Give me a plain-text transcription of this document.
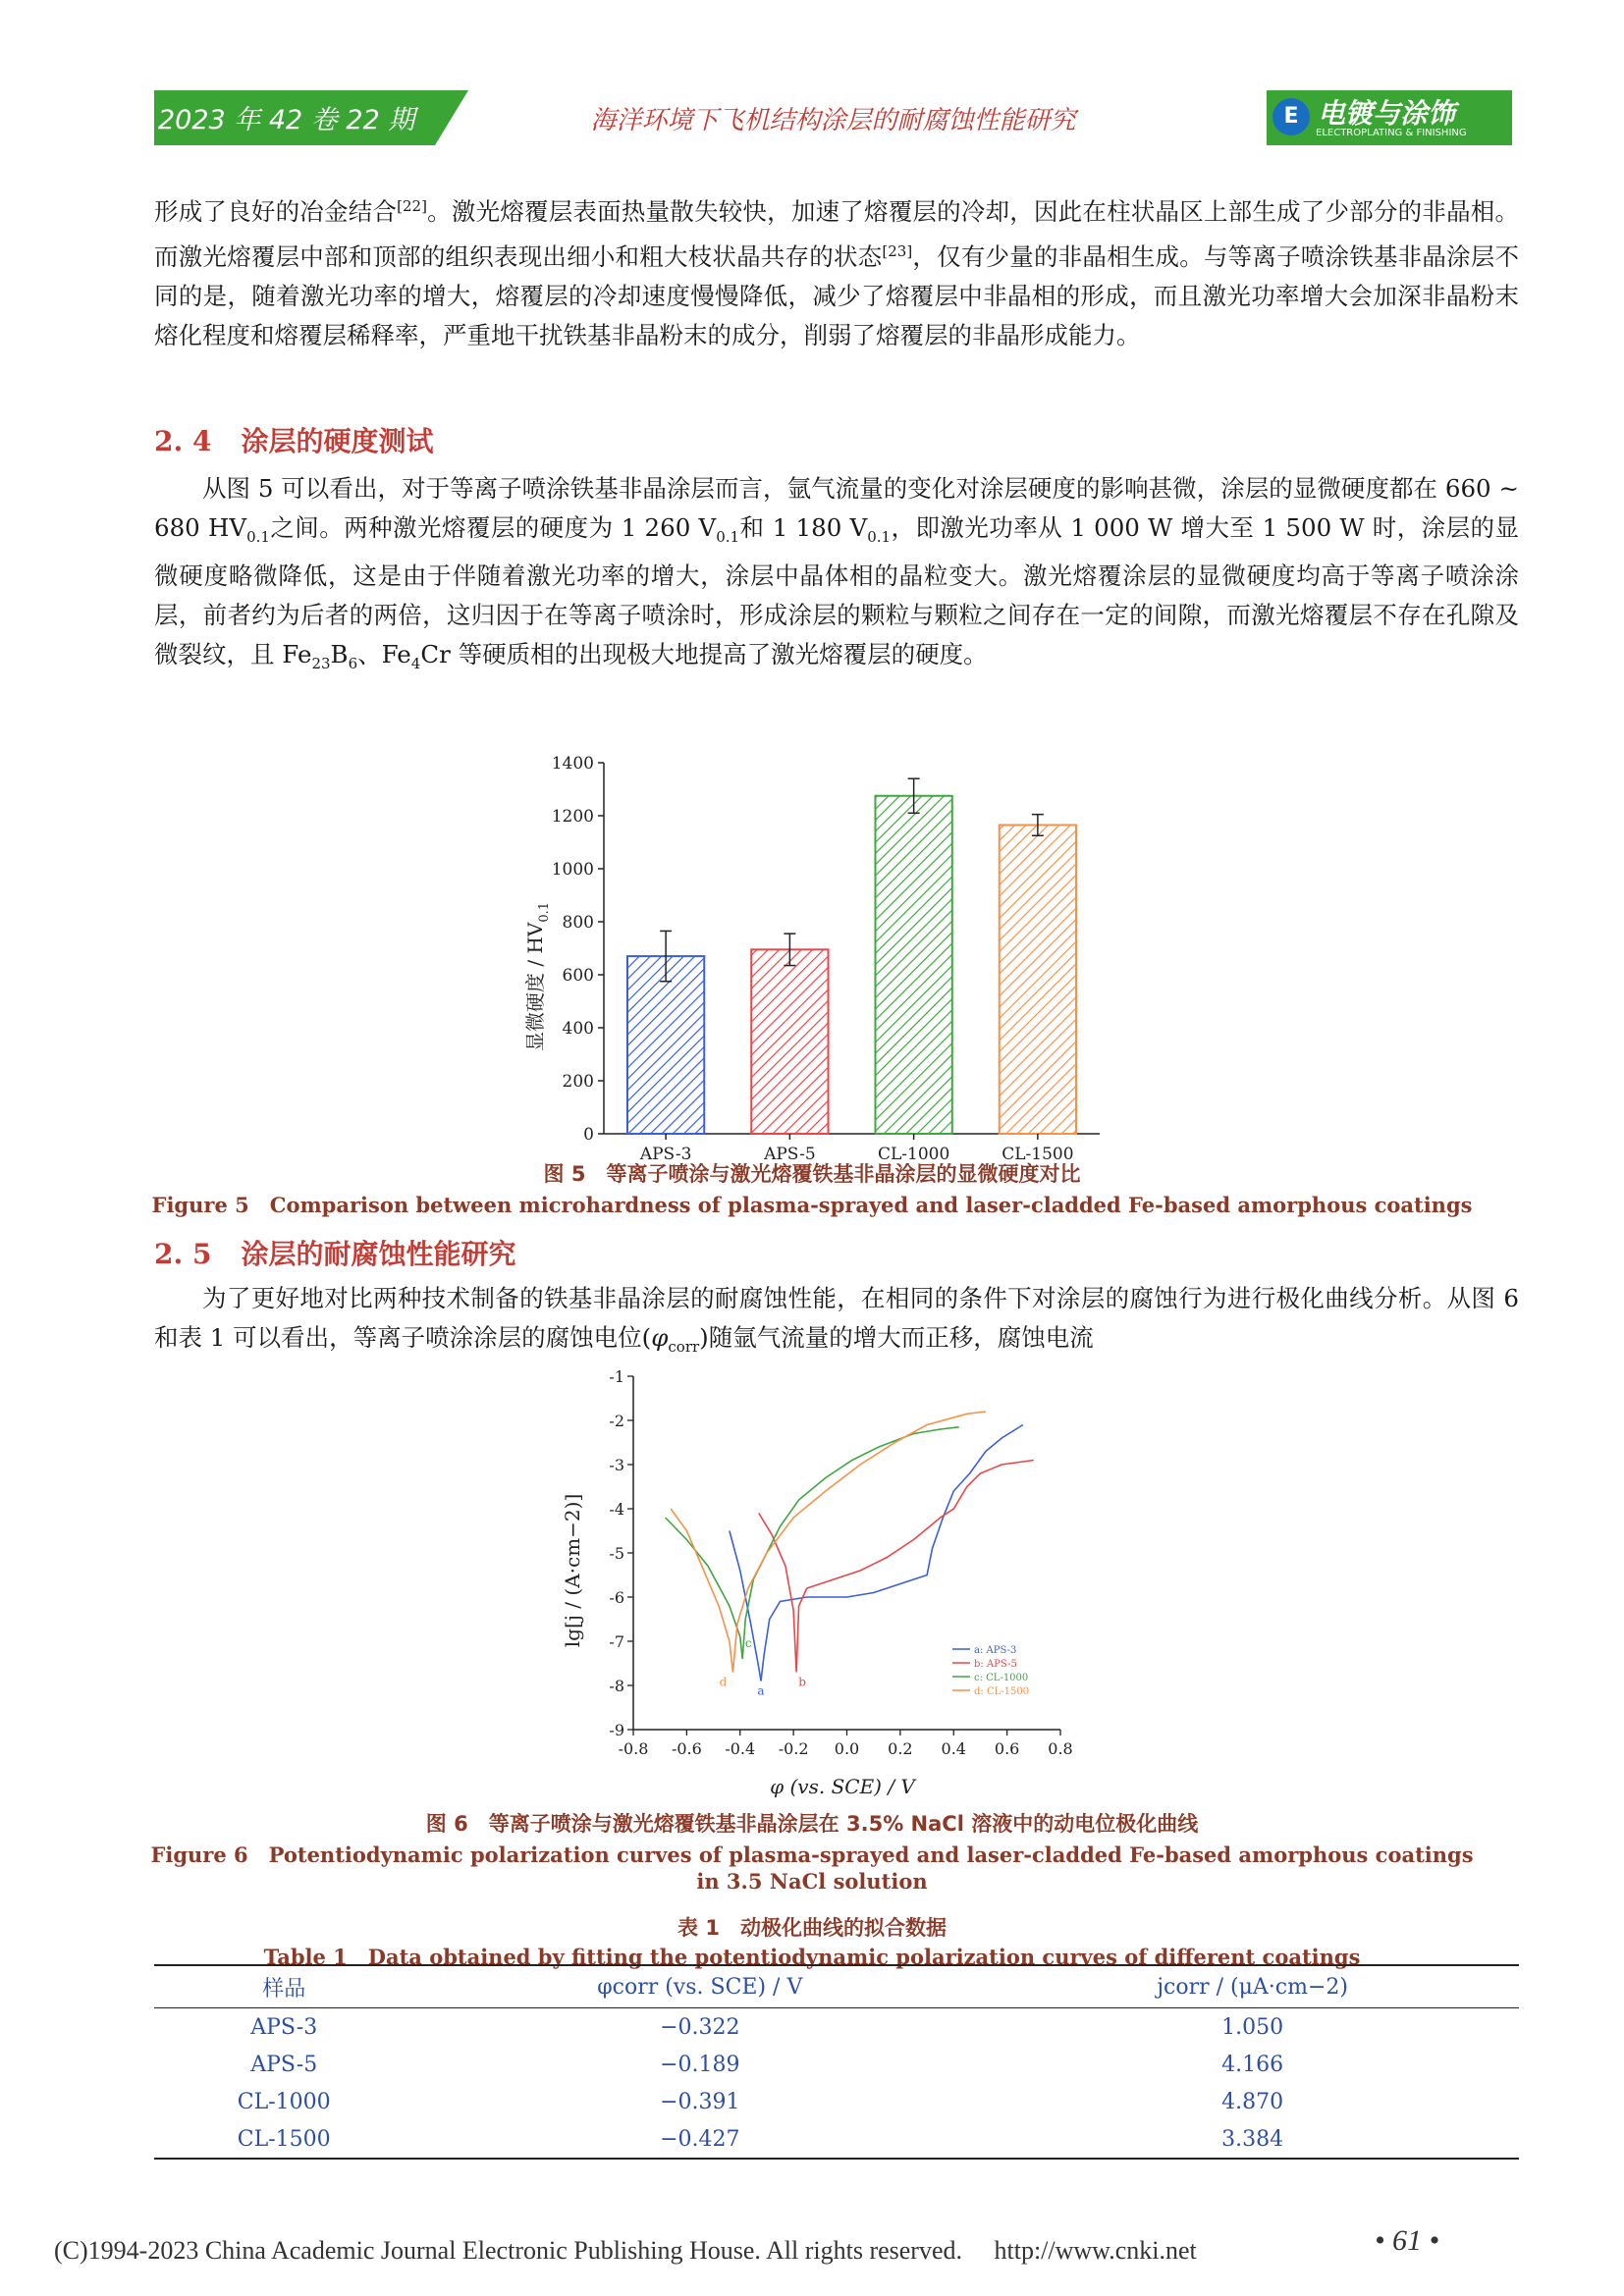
2023 年 42 卷 22 期	海洋环境下飞机结构涂层的耐腐蚀性能研究	E 电镀与涂饰
ELECTROPLATING & FINISHING

形成了良好的冶金结合[22]。激光熔覆层表面热量散失较快，加速了熔覆层的冷却，因此在柱状晶区上部生成了少部分的非晶相。而激光熔覆层中部和顶部的组织表现出细小和粗大枝状晶共存的状态[23]，仅有少量的非晶相生成。与等离子喷涂铁基非晶涂层不同的是，随着激光功率的增大，熔覆层的冷却速度慢慢降低，减少了熔覆层中非晶相的形成，而且激光功率增大会加深非晶粉末熔化程度和熔覆层稀释率，严重地干扰铁基非晶粉末的成分，削弱了熔覆层的非晶形成能力。

2. 4 涂层的硬度测试

从图 5 可以看出，对于等离子喷涂铁基非晶涂层而言，氩气流量的变化对涂层硬度的影响甚微，涂层的显微硬度都在 660 ~ 680 $HV_{0.1}$之间。两种激光熔覆层的硬度为 1 260 $V_{0.1}$和 1 180 $V_{0.1}$，即激光功率从 1 000 W 增大至 1 500 W 时，涂层的显微硬度略微降低，这是由于伴随着激光功率的增大，涂层中晶体相的晶粒变大。激光熔覆涂层的显微硬度均高于等离子喷涂涂层，前者约为后者的两倍，这归因于在等离子喷涂时，形成涂层的颗粒与颗粒之间存在一定的间隙，而激光熔覆层不存在孔隙及微裂纹，且 $Fe_{23}B_6$、$Fe_4Cr$ 等硬质相的出现极大地提高了激光熔覆层的硬度。

0
200
400
600
800
1000
1200
1400
APS-3	APS-5	CL-1000	CL-1500
显微硬度 / $HV_{0.1}$
图 5　等离子喷涂与激光熔覆铁基非晶涂层的显微硬度对比
Figure 5　Comparison between microhardness of plasma-sprayed and laser-cladded Fe-based amorphous coatings
2. 5 涂层的耐腐蚀性能研究

为了更好地对比两种技术制备的铁基非晶涂层的耐腐蚀性能，在相同的条件下对涂层的腐蚀行为进行极化曲线分析。从图 6 和表 1 可以看出，等离子喷涂涂层的腐蚀电位$(\varphi_{corr})$随氩气流量的增大而正移，腐蚀电流

-1
-2
-3
-4
-5
-6
-7
-8
-9
-0.8 -0.6 -0.4 -0.2 0.0 0.2 0.4 0.6 0.8
a
a: APS-3
b
b: APS-5
c
c: CL-1000
d
d: CL-1500
φ (vs. SCE) / V
lg[j / (A·cm−2)]
图 6　等离子喷涂与激光熔覆铁基非晶涂层在 3.5% NaCl 溶液中的动电位极化曲线
Figure 6　Potentiodynamic polarization curves of plasma-sprayed and laser-cladded Fe-based amorphous coatings
in 3.5 NaCl solution
表 1　动极化曲线的拟合数据
Table 1　Data obtained by fitting the potentiodynamic polarization curves of different coatings
样品	φcorr (vs. SCE) / V	jcorr / (μA·cm−2)
APS-3	−0.322	1.050
APS-5	−0.189	4.166
CL-1000	−0.391	4.870
CL-1500	−0.427	3.384
(C)1994-2023 China Academic Journal Electronic Publishing House. All rights reserved.　 http://www.cnki.net	• 61 •
